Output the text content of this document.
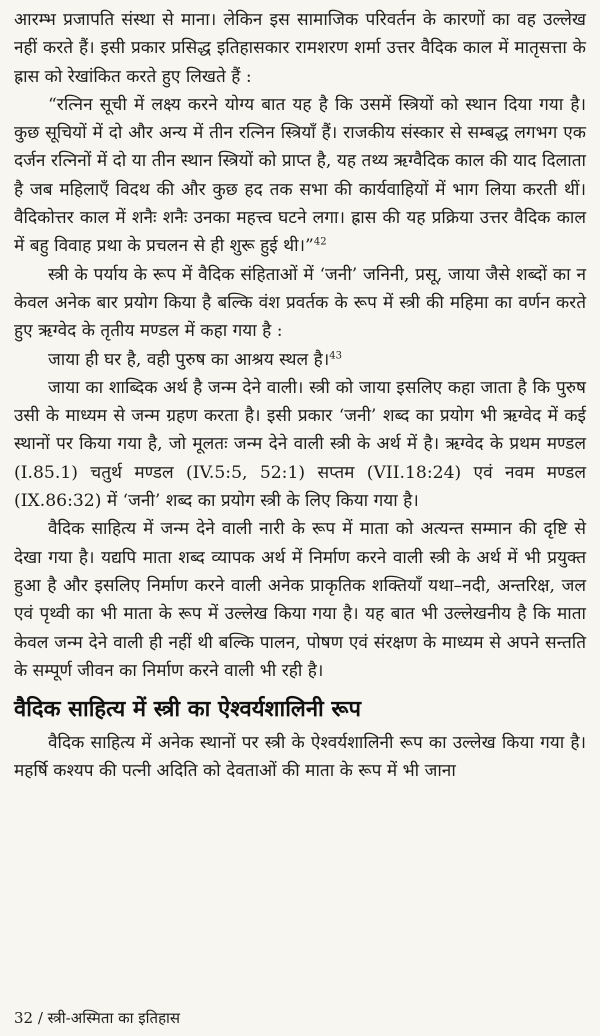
आरम्भ प्रजापति संस्था से माना। लेकिन इस सामाजिक परिवर्तन के कारणों का वह उल्लेख नहीं करते हैं। इसी प्रकार प्रसिद्ध इतिहासकार रामशरण शर्मा उत्तर वैदिक काल में मातृसत्ता के ह्रास को रेखांकित करते हुए लिखते हैं :

“रत्निन सूची में लक्ष्य करने योग्य बात यह है कि उसमें स्त्रियों को स्थान दिया गया है। कुछ सूचियों में दो और अन्य में तीन रत्निन स्त्रियाँ हैं। राजकीय संस्कार से सम्बद्ध लगभग एक दर्जन रत्निनों में दो या तीन स्थान स्त्रियों को प्राप्त है, यह तथ्य ऋग्वैदिक काल की याद दिलाता है जब महिलाएँ विदथ की और कुछ हद तक सभा की कार्यवाहियों में भाग लिया करती थीं। वैदिकोत्तर काल में शनैः शनैः उनका महत्त्व घटने लगा। ह्रास की यह प्रक्रिया उत्तर वैदिक काल में बहु विवाह प्रथा के प्रचलन से ही शुरू हुई थी।”$^{42}$

स्त्री के पर्याय के रूप में वैदिक संहिताओं में ‘जनी’ जनिनी, प्रसू, जाया जैसे शब्दों का न केवल अनेक बार प्रयोग किया है बल्कि वंश प्रवर्तक के रूप में स्त्री की महिमा का वर्णन करते हुए ऋग्वेद के तृतीय मण्डल में कहा गया है :

जाया ही घर है, वही पुरुष का आश्रय स्थल है।$^{43}$

जाया का शाब्दिक अर्थ है जन्म देने वाली। स्त्री को जाया इसलिए कहा जाता है कि पुरुष उसी के माध्यम से जन्म ग्रहण करता है। इसी प्रकार ‘जनी’ शब्द का प्रयोग भी ऋग्वेद में कई स्थानों पर किया गया है, जो मूलतः जन्म देने वाली स्त्री के अर्थ में है। ऋग्वेद के प्रथम मण्डल (I.85.1) चतुर्थ मण्डल (IV.5:5, 52:1) सप्तम (VII.18:24) एवं नवम मण्डल (IX.86:32) में ‘जनी’ शब्द का प्रयोग स्त्री के लिए किया गया है।

वैदिक साहित्य में जन्म देने वाली नारी के रूप में माता को अत्यन्त सम्मान की दृष्टि से देखा गया है। यद्यपि माता शब्द व्यापक अर्थ में निर्माण करने वाली स्त्री के अर्थ में भी प्रयुक्त हुआ है और इसलिए निर्माण करने वाली अनेक प्राकृतिक शक्तियाँ यथा–नदी, अन्तरिक्ष, जल एवं पृथ्वी का भी माता के रूप में उल्लेख किया गया है। यह बात भी उल्लेखनीय है कि माता केवल जन्म देने वाली ही नहीं थी बल्कि पालन, पोषण एवं संरक्षण के माध्यम से अपने सन्तति के सम्पूर्ण जीवन का निर्माण करने वाली भी रही है।

वैदिक साहित्य में स्त्री का ऐश्वर्यशालिनी रूप

वैदिक साहित्य में अनेक स्थानों पर स्त्री के ऐश्वर्यशालिनी रूप का उल्लेख किया गया है। महर्षि कश्यप की पत्नी अदिति को देवताओं की माता के रूप में भी जाना

32 / स्त्री-अस्मिता का इतिहास
